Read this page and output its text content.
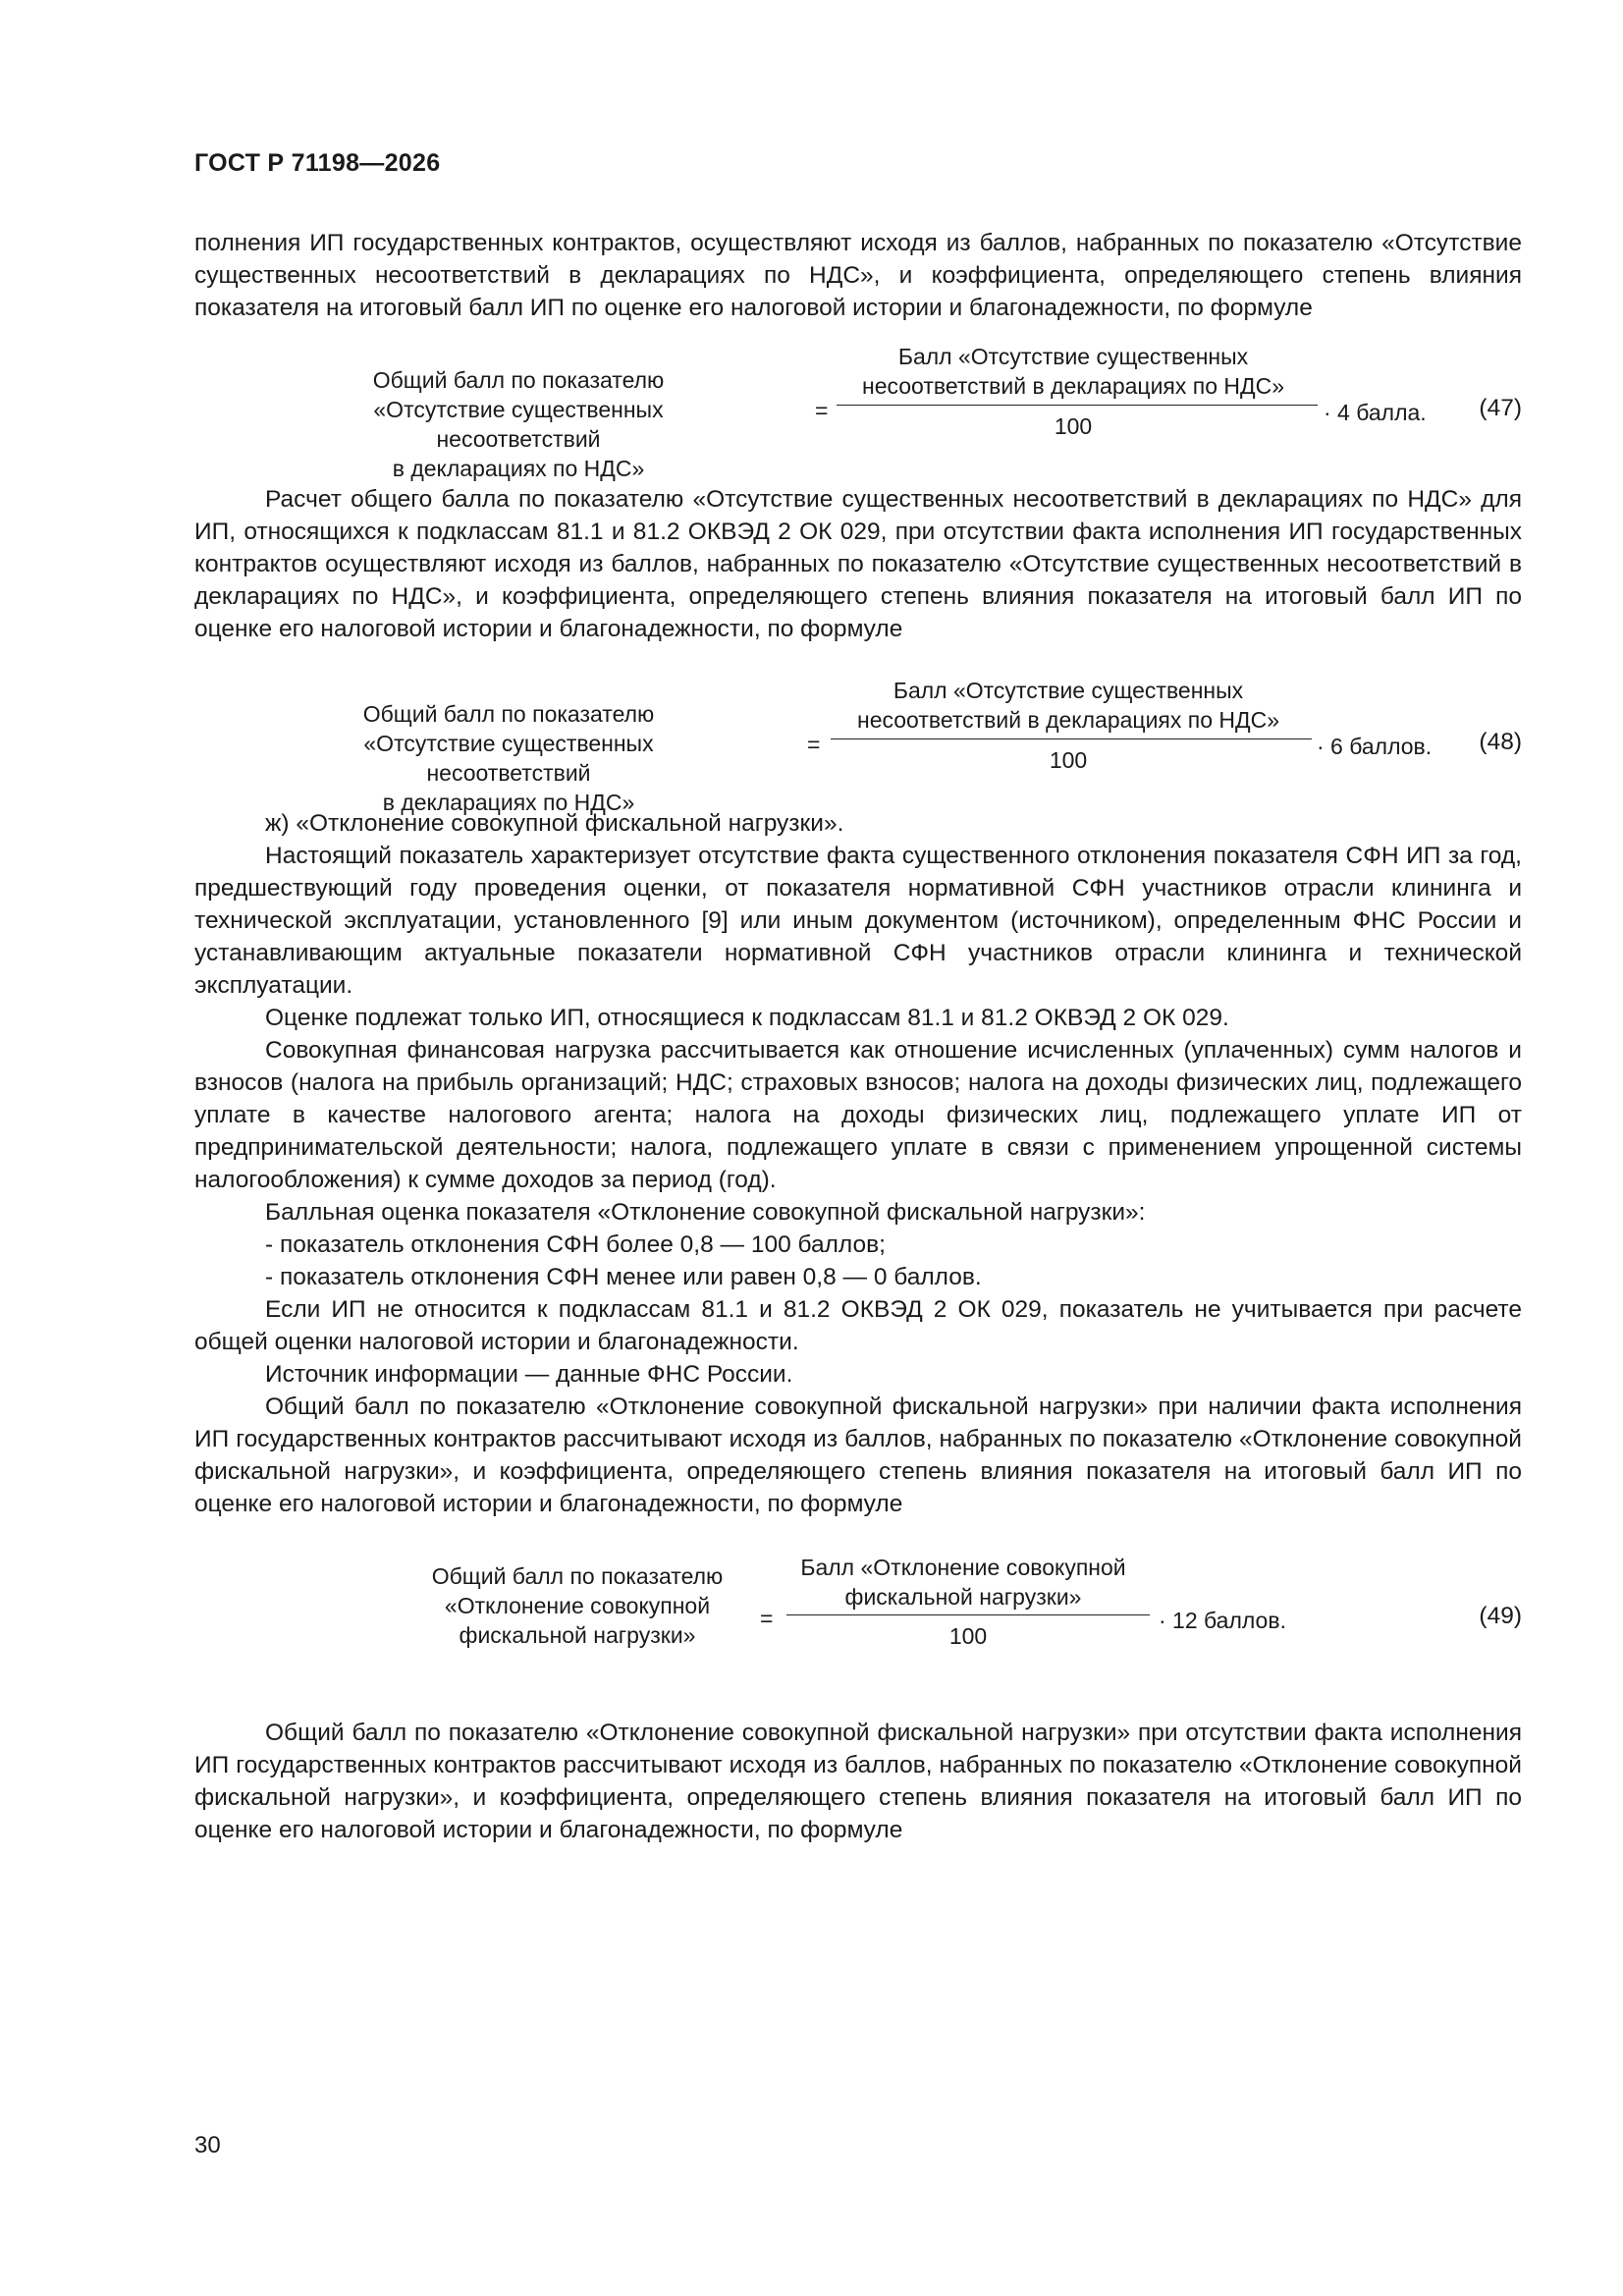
ГОСТ Р 71198—2026

полнения ИП государственных контрактов, осуществляют исходя из баллов, набранных по показателю «Отсутствие существенных несоответствий в декларациях по НДС», и коэффициента, определяющего степень влияния показателя на итоговый балл ИП по оценке его налоговой истории и благонадежности, по формуле

Общий балл по показателю
«Отсутствие существенных несоответствий
в декларациях по НДС»
=
Балл «Отсутствие существенных
несоответствий в декларациях по НДС»
100
· 4 балла. (47)

Расчет общего балла по показателю «Отсутствие существенных несоответствий в декларациях по НДС» для ИП, относящихся к подклассам 81.1 и 81.2 ОКВЭД 2 ОК 029, при отсутствии факта исполнения ИП государственных контрактов осуществляют исходя из баллов, набранных по показателю «Отсутствие существенных несоответствий в декларациях по НДС», и коэффициента, определяющего степень влияния показателя на итоговый балл ИП по оценке его налоговой истории и благонадежности, по формуле

Общий балл по показателю
«Отсутствие существенных несоответствий
в декларациях по НДС»
=
Балл «Отсутствие существенных
несоответствий в декларациях по НДС»
100
· 6 баллов. (48)

ж) «Отклонение совокупной фискальной нагрузки».

Настоящий показатель характеризует отсутствие факта существенного отклонения показателя СФН ИП за год, предшествующий году проведения оценки, от показателя нормативной СФН участников отрасли клининга и технической эксплуатации, установленного [9] или иным документом (источником), определенным ФНС России и устанавливающим актуальные показатели нормативной СФН участников отрасли клининга и технической эксплуатации.

Оценке подлежат только ИП, относящиеся к подклассам 81.1 и 81.2 ОКВЭД 2 ОК 029.

Совокупная финансовая нагрузка рассчитывается как отношение исчисленных (уплаченных) сумм налогов и взносов (налога на прибыль организаций; НДС; страховых взносов; налога на доходы физических лиц, подлежащего уплате в качестве налогового агента; налога на доходы физических лиц, подлежащего уплате ИП от предпринимательской деятельности; налога, подлежащего уплате в связи с применением упрощенной системы налогообложения) к сумме доходов за период (год).

Балльная оценка показателя «Отклонение совокупной фискальной нагрузки»:

- показатель отклонения СФН более 0,8 — 100 баллов;

- показатель отклонения СФН менее или равен 0,8 — 0 баллов.

Если ИП не относится к подклассам 81.1 и 81.2 ОКВЭД 2 ОК 029, показатель не учитывается при расчете общей оценки налоговой истории и благонадежности.

Источник информации — данные ФНС России.

Общий балл по показателю «Отклонение совокупной фискальной нагрузки» при наличии факта исполнения ИП государственных контрактов рассчитывают исходя из баллов, набранных по показателю «Отклонение совокупной фискальной нагрузки», и коэффициента, определяющего степень влияния показателя на итоговый балл ИП по оценке его налоговой истории и благонадежности, по формуле

Общий балл по показателю
«Отклонение совокупной
фискальной нагрузки»
=
Балл «Отклонение совокупной
фискальной нагрузки»
100
· 12 баллов.	(49)

Общий балл по показателю «Отклонение совокупной фискальной нагрузки» при отсутствии факта исполнения ИП государственных контрактов рассчитывают исходя из баллов, набранных по показателю «Отклонение совокупной фискальной нагрузки», и коэффициента, определяющего степень влияния показателя на итоговый балл ИП по оценке его налоговой истории и благонадежности, по формуле

30
